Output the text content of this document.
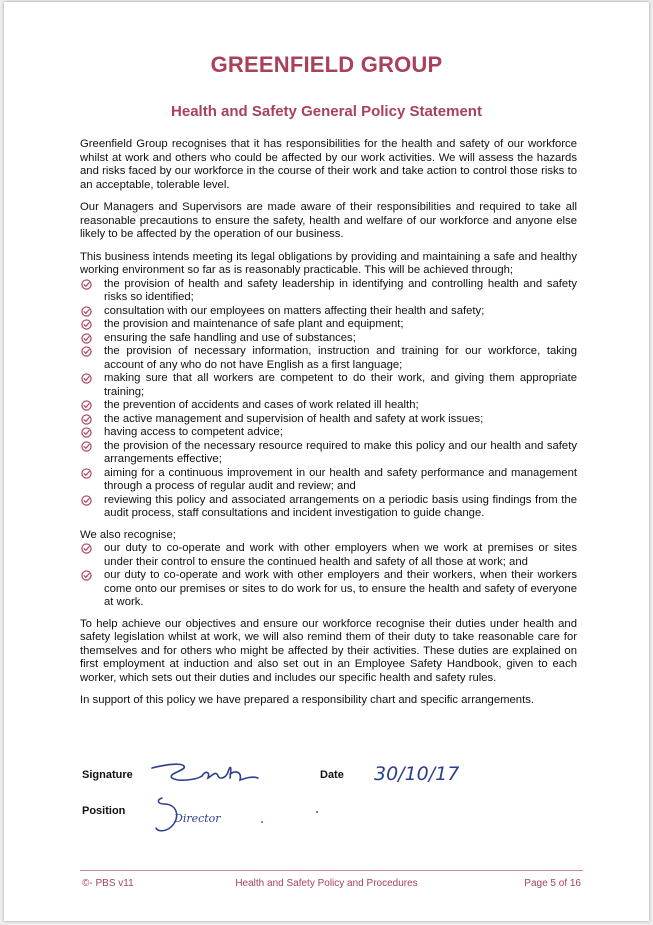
GREENFIELD GROUP
Health and Safety General Policy Statement

Greenfield Group recognises that it has responsibilities for the health and safety of our workforce whilst at work and others who could be affected by our work activities. We will assess the hazards and risks faced by our workforce in the course of their work and take action to control those risks to an acceptable, tolerable level.

Our Managers and Supervisors are made aware of their responsibilities and required to take all reasonable precautions to ensure the safety, health and welfare of our workforce and anyone else likely to be affected by the operation of our business.

This business intends meeting its legal obligations by providing and maintaining a safe and healthy working environment so far as is reasonably practicable. This will be achieved through;

the provision of health and safety leadership in identifying and controlling health and safety risks so identified;
consultation with our employees on matters affecting their health and safety;
the provision and maintenance of safe plant and equipment;
ensuring the safe handling and use of substances;
the provision of necessary information, instruction and training for our workforce, taking account of any who do not have English as a first language;
making sure that all workers are competent to do their work, and giving them appropriate training;
the prevention of accidents and cases of work related ill health;
the active management and supervision of health and safety at work issues;
having access to competent advice;
the provision of the necessary resource required to make this policy and our health and safety arrangements effective;
aiming for a continuous improvement in our health and safety performance and management through a process of regular audit and review; and
reviewing this policy and associated arrangements on a periodic basis using findings from the audit process, staff consultations and incident investigation to guide change.

We also recognise;

our duty to co-operate and work with other employers when we work at premises or sites under their control to ensure the continued health and safety of all those at work; and
our duty to co-operate and work with other employers and their workers, when their workers come onto our premises or sites to do work for us, to ensure the health and safety of everyone at work.

To help achieve our objectives and ensure our workforce recognise their duties under health and safety legislation whilst at work, we will also remind them of their duty to take reasonable care for themselves and for others who might be affected by their activities. These duties are explained on first employment at induction and also set out in an Employee Safety Handbook, given to each worker, which sets out their duties and includes our specific health and safety rules.

In support of this policy we have prepared a responsibility chart and specific arrangements.

Signature	Date 30/10/17
Position
Director
©- PBS v11	Health and Safety Policy and Procedures	Page 5 of 16
